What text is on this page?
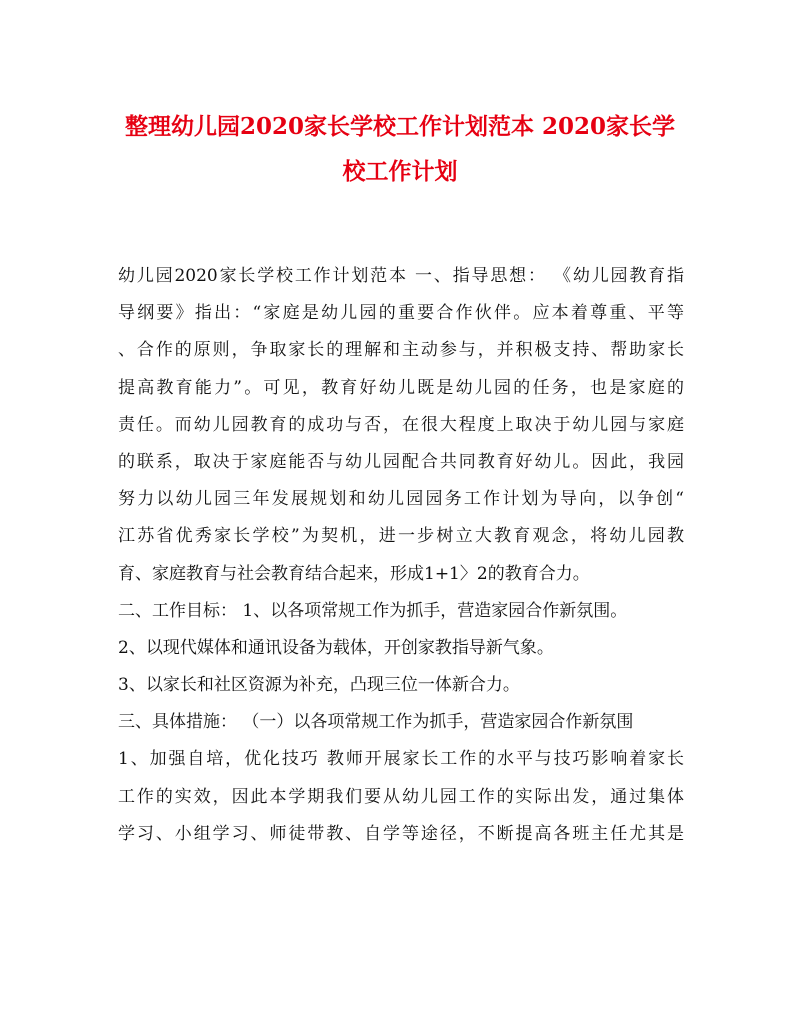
整理幼儿园2020家长学校工作计划范本 2020家长学
校工作计划
幼儿园2020家长学校工作计划范本 一、指导思想： 《幼儿园教育指
导纲要》指出：“家庭是幼儿园的重要合作伙伴。应本着尊重、平等
、合作的原则，争取家长的理解和主动参与，并积极支持、帮助家长
提高教育能力”。可见，教育好幼儿既是幼儿园的任务，也是家庭的
责任。而幼儿园教育的成功与否，在很大程度上取决于幼儿园与家庭
的联系，取决于家庭能否与幼儿园配合共同教育好幼儿。因此，我园
努力以幼儿园三年发展规划和幼儿园园务工作计划为导向，以争创“
江苏省优秀家长学校”为契机，进一步树立大教育观念，将幼儿园教
育、家庭教育与社会教育结合起来，形成1+1〉2的教育合力。
二、工作目标： 1、以各项常规工作为抓手，营造家园合作新氛围。
2、以现代媒体和通讯设备为载体，开创家教指导新气象。
3、以家长和社区资源为补充，凸现三位一体新合力。
三、具体措施： （一）以各项常规工作为抓手，营造家园合作新氛围
1、加强自培，优化技巧 教师开展家长工作的水平与技巧影响着家长
工作的实效，因此本学期我们要从幼儿园工作的实际出发，通过集体
学习、小组学习、师徒带教、自学等途径，不断提高各班主任尤其是
